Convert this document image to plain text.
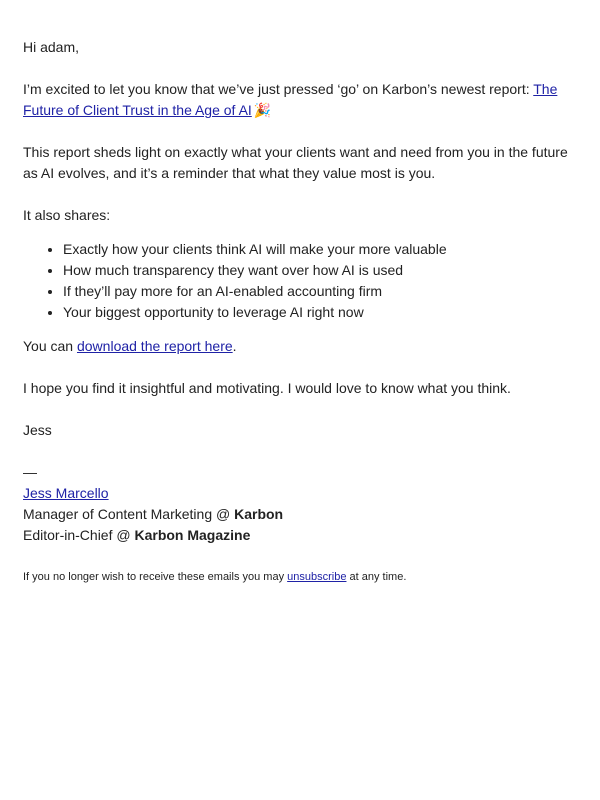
Hi adam,

I’m excited to let you know that we’ve just pressed ‘go’ on Karbon’s newest report: The Future of Client Trust in the Age of AI 🎉

This report sheds light on exactly what your clients want and need from you in the future as AI evolves, and it’s a reminder that what they value most is you.

It also shares:

• Exactly how your clients think AI will make your more valuable
• How much transparency they want over how AI is used
• If they’ll pay more for an AI-enabled accounting firm
• Your biggest opportunity to leverage AI right now

You can download the report here.

I hope you find it insightful and motivating. I would love to know what you think.

Jess

—
Jess Marcello
Manager of Content Marketing @ Karbon
Editor-in-Chief @ Karbon Magazine

If you no longer wish to receive these emails you may unsubscribe at any time.
